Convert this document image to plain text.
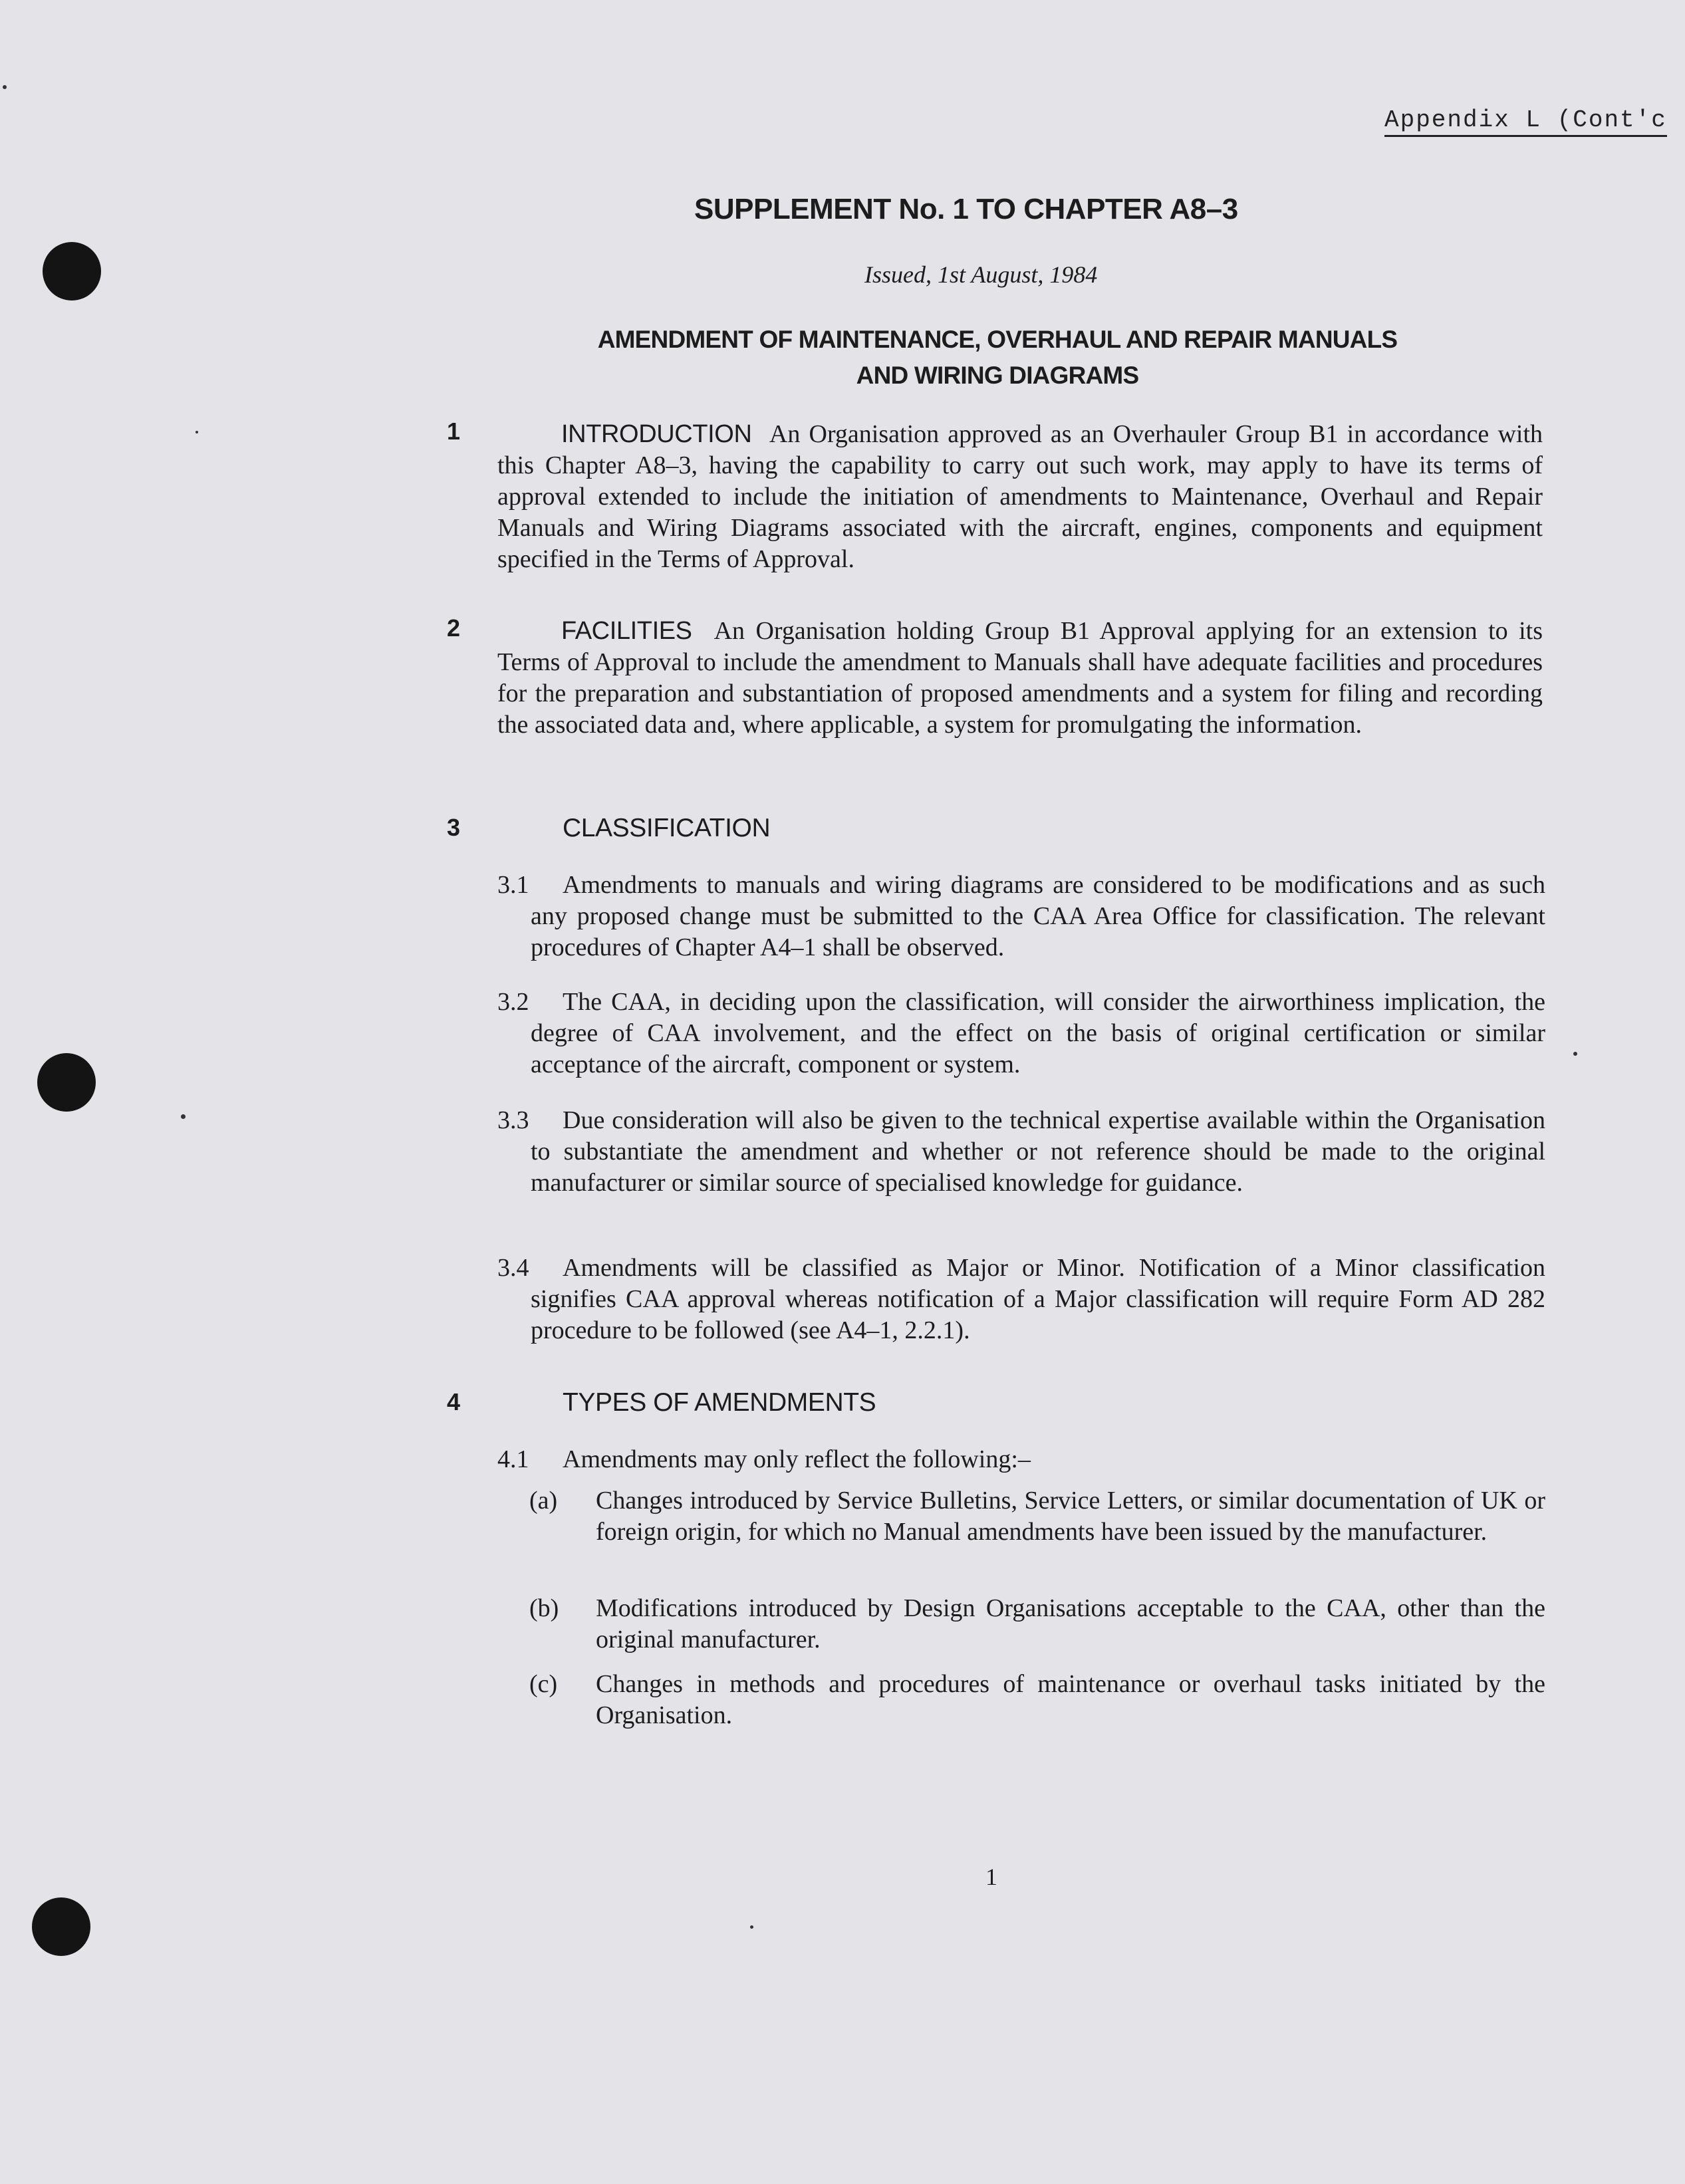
Appendix L (Cont'c
SUPPLEMENT No. 1 TO CHAPTER A8–3
Issued, 1st August, 1984
AMENDMENT OF MAINTENANCE, OVERHAUL AND REPAIR MANUALS
AND WIRING DIAGRAMS
1	INTRODUCTION An Organisation approved as an Overhauler Group B1 in accordance with this Chapter A8–3, having the capability to carry out such work, may apply to have its terms of approval extended to include the initiation of amendments to Maintenance, Overhaul and Repair Manuals and Wiring Diagrams associated with the aircraft, engines, components and equipment specified in the Terms of Approval.
2	FACILITIES An Organisation holding Group B1 Approval applying for an extension to its Terms of Approval to include the amendment to Manuals shall have adequate facilities and procedures for the preparation and substantiation of proposed amendments and a system for filing and recording the associated data and, where applicable, a system for promulgating the information.
3	CLASSIFICATION
3.1 Amendments to manuals and wiring diagrams are considered to be modifications and as such any proposed change must be submitted to the CAA Area Office for classification. The relevant procedures of Chapter A4–1 shall be observed.
3.2 The CAA, in deciding upon the classification, will consider the airworthiness implication, the degree of CAA involvement, and the effect on the basis of original certification or similar acceptance of the aircraft, component or system.
3.3 Due consideration will also be given to the technical expertise available within the Organisation to substantiate the amendment and whether or not reference should be made to the original manufacturer or similar source of specialised knowledge for guidance.
3.4 Amendments will be classified as Major or Minor. Notification of a Minor classification signifies CAA approval whereas notification of a Major classification will require Form AD 282 procedure to be followed (see A4–1, 2.2.1).
4	TYPES OF AMENDMENTS
4.1 Amendments may only reflect the following:–
(a) Changes introduced by Service Bulletins, Service Letters, or similar documentation of UK or foreign origin, for which no Manual amendments have been issued by the manufacturer.
(b) Modifications introduced by Design Organisations acceptable to the CAA, other than the original manufacturer.
(c) Changes in methods and procedures of maintenance or overhaul tasks initiated by the Organisation.
1
